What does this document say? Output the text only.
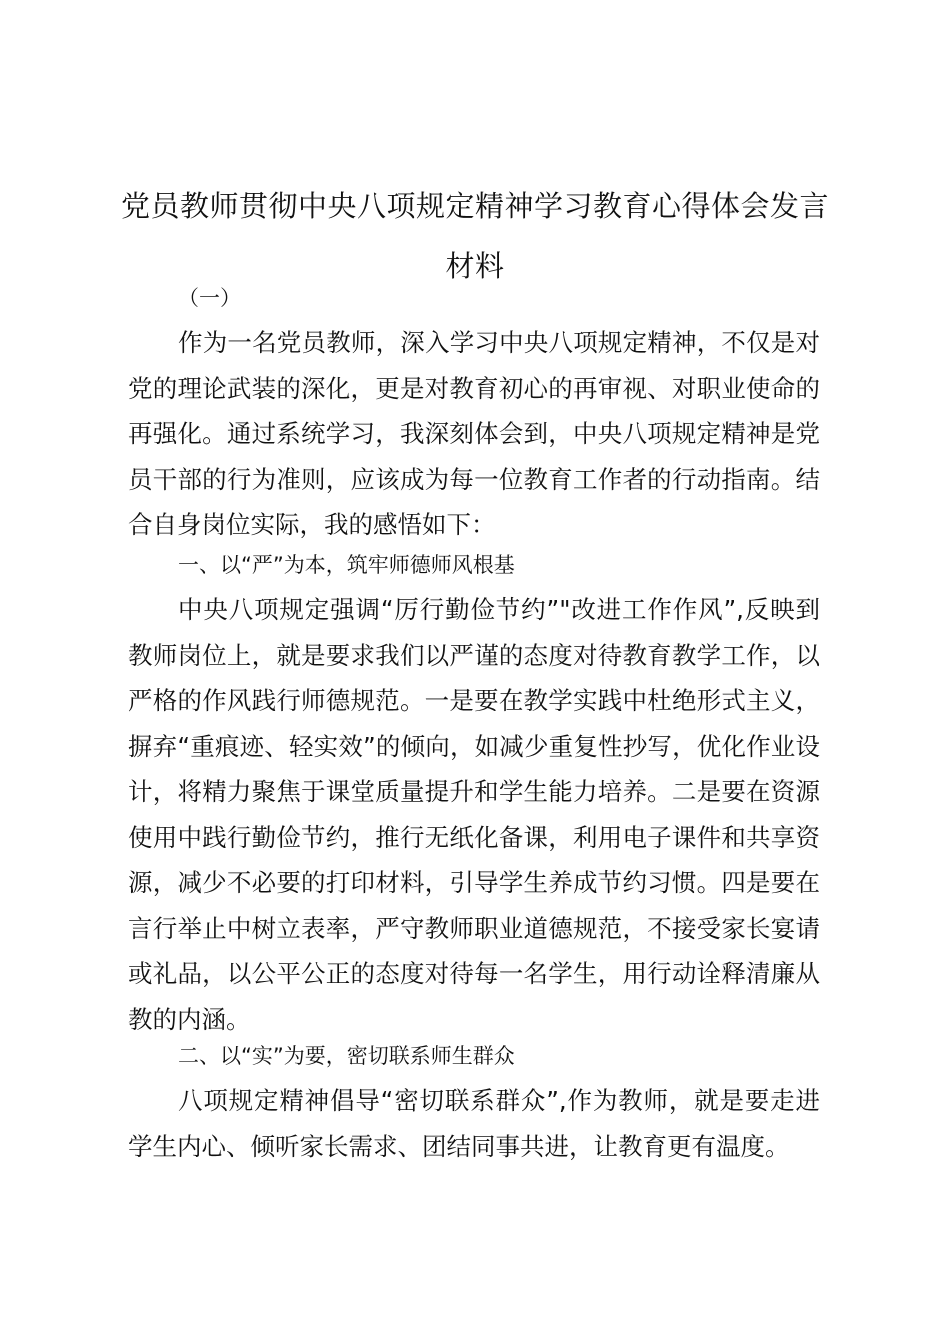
党员教师贯彻中央八项规定精神学习教育心得体会发言材料

（一）

作为一名党员教师，深入学习中央八项规定精神，不仅是对党的理论武装的深化，更是对教育初心的再审视、对职业使命的再强化。通过系统学习，我深刻体会到，中央八项规定精神是党员干部的行为准则，应该成为每一位教育工作者的行动指南。结合自身岗位实际，我的感悟如下：

一、以“严”为本，筑牢师德师风根基

中央八项规定强调“厉行勤俭节约”"改进工作作风”,反映到教师岗位上，就是要求我们以严谨的态度对待教育教学工作，以严格的作风践行师德规范。一是要在教学实践中杜绝形式主义，摒弃“重痕迹、轻实效”的倾向，如减少重复性抄写，优化作业设计，将精力聚焦于课堂质量提升和学生能力培养。二是要在资源使用中践行勤俭节约，推行无纸化备课，利用电子课件和共享资源，减少不必要的打印材料，引导学生养成节约习惯。四是要在言行举止中树立表率，严守教师职业道德规范，不接受家长宴请或礼品，以公平公正的态度对待每一名学生，用行动诠释清廉从教的内涵。

二、以“实”为要，密切联系师生群众

八项规定精神倡导“密切联系群众”,作为教师，就是要走进学生内心、倾听家长需求、团结同事共进，让教育更有温度。
